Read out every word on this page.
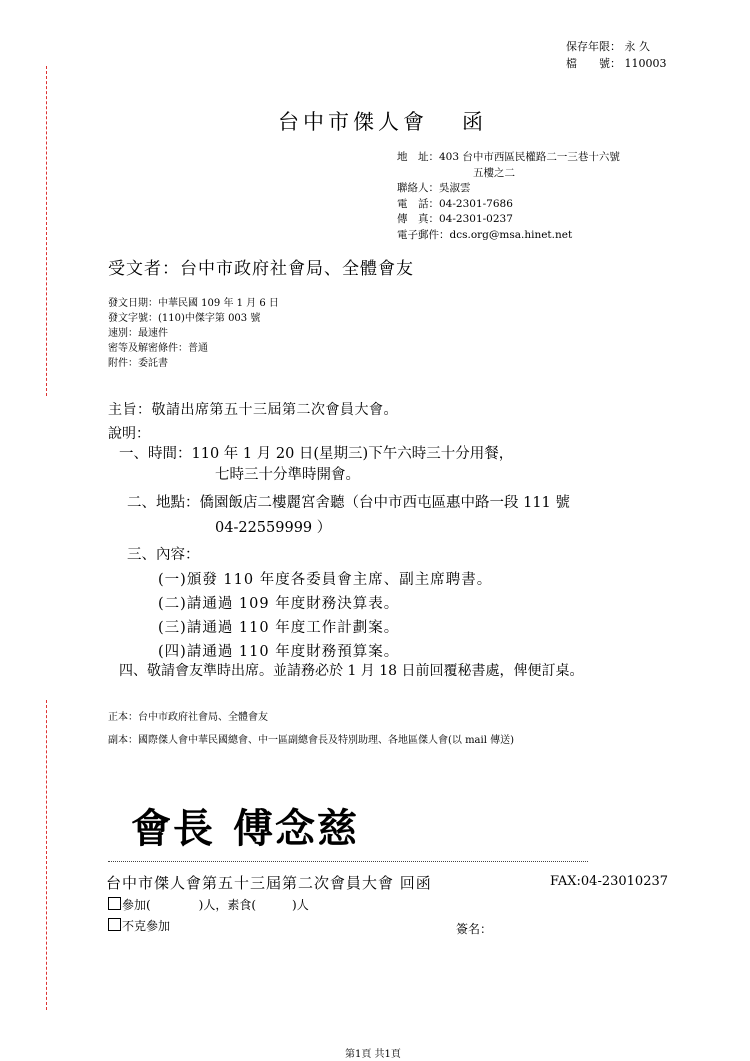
保存年限： 永 久
檔　　號： 110003
台中市傑人會 函
地　址：403 台中市西區民權路二一三巷十六號
五樓之二
聯絡人：吳淑雲
電　話：04-2301-7686
傳　真：04-2301-0237
電子郵件：dcs.org@msa.hinet.net
受文者：台中市政府社會局、全體會友
發文日期：中華民國 109 年 1 月 6 日
發文字號：(110)中傑字第 003 號
速別：最速件
密等及解密條件：普通
附件：委託書
主旨：敬請出席第五十三屆第二次會員大會。
說明：
一、時間：110 年 1 月 20 日(星期三)下午六時三十分用餐，
七時三十分準時開會。
二、地點：僑園飯店二樓麗宮舍聽（台中市西屯區惠中路一段 111 號
04-22559999 ）
三、內容：
(一)頒發 110 年度各委員會主席、副主席聘書。
(二)請通過 109 年度財務決算表。
(三)請通過 110 年度工作計劃案。
(四)請通過 110 年度財務預算案。
四、敬請會友準時出席。並請務必於 1 月 18 日前回覆秘書處，俾便訂桌。
正本：台中市政府社會局、全體會友
副本：國際傑人會中華民國總會、中一區副總會長及特別助理、各地區傑人會(以 mail 傳送)
會長 傅念慈
台中市傑人會第五十三屆第二次會員大會 回函	FAX:04-23010237
參加(　　　　)人，素食(　　　)人
不克參加	簽名：
第1頁 共1頁
